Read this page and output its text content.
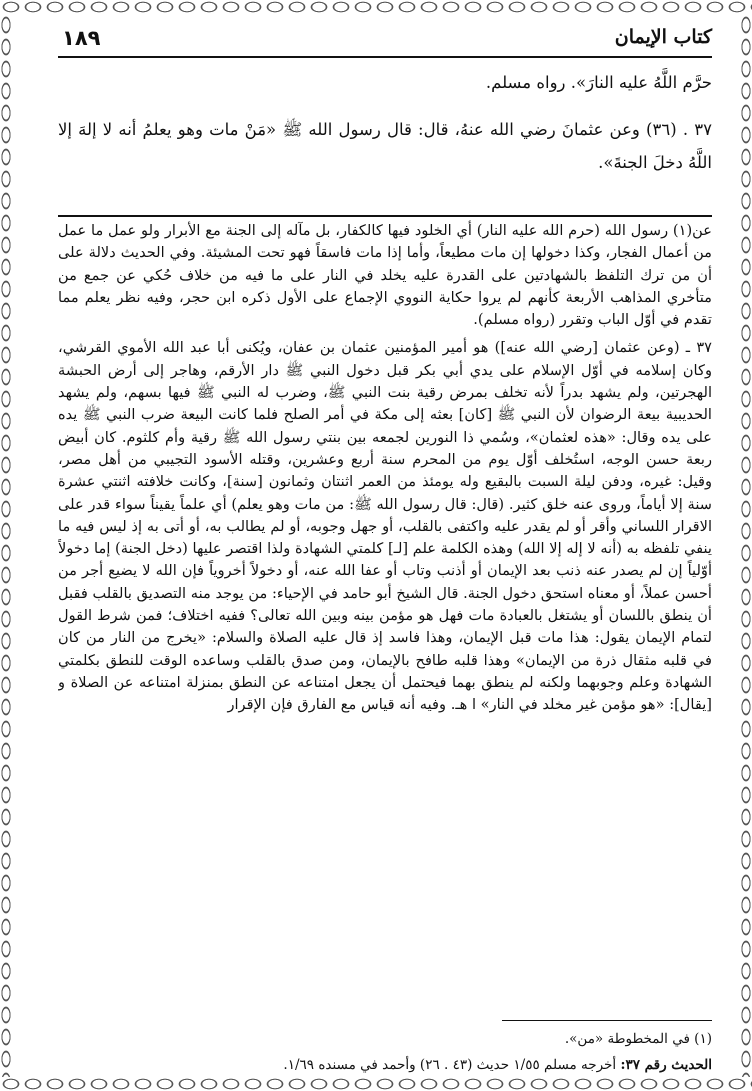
١٨٩	كتاب الإيمان

حرَّم اللَّهُ عليه النارَ». رواه مسلم.

٣٧ . (٣٦) وعن عثمانَ رضي الله عنهُ، قال: قال رسول الله ﷺ «مَنْ مات وهو يعلمُ أنه لا إلهَ إلا اللَّهُ دخلَ الجنةَ».

عن(١) رسول الله (حرم الله عليه النار) أي الخلود فيها كالكفار، بل مآله إلى الجنة مع الأبرار ولو عمل ما عمل من أعمال الفجار، وكذا دخولها إن مات مطيعاً، وأما إذا مات فاسقاً فهو تحت المشيئة. وفي الحديث دلالة على أن من ترك التلفظ بالشهادتين على القدرة عليه يخلد في النار على ما فيه من خلاف حُكي عن جمع من متأخري المذاهب الأربعة كأنهم لم يروا حكاية النووي الإجماع على الأول ذكره ابن حجر، وفيه نظر يعلم مما تقدم في أوّل الباب وتقرر (رواه مسلم).

٣٧ ـ (وعن عثمان [رضي الله عنه]) هو أمير المؤمنين عثمان بن عفان، ويُكنى أبا عبد الله الأموي القرشي، وكان إسلامه في أوّل الإسلام على يدي أبي بكر قبل دخول النبي ﷺ دار الأرقم، وهاجر إلى أرض الحبشة الهجرتين، ولم يشهد بدراً لأنه تخلف بمرض رقية بنت النبي ﷺ، وضرب له النبي ﷺ فيها بسهم، ولم يشهد الحديبية بيعة الرضوان لأن النبي ﷺ [كان] بعثه إلى مكة في أمر الصلح فلما كانت البيعة ضرب النبي ﷺ يده على يده وقال: «هذه لعثمان»، وسُمي ذا النورين لجمعه بين بنتي رسول الله ﷺ رقية وأم كلثوم. كان أبيض ربعة حسن الوجه، استُخلف أوّل يوم من المحرم سنة أربع وعشرين، وقتله الأسود التجيبي من أهل مصر، وقيل: غيره، ودفن ليلة السبت بالبقيع وله يومئذ من العمر اثنتان وثمانون [سنة]، وكانت خلافته اثنتي عشرة سنة إلا أياماً، وروى عنه خلق كثير. (قال: قال رسول الله ﷺ: من مات وهو يعلم) أي علماً يقيناً سواء قدر على الاقرار اللساني وأقر أو لم يقدر عليه واكتفى بالقلب، أو جهل وجوبه، أو لم يطالب به، أو أتى به إذ ليس فيه ما ينفي تلفظه به (أنه لا إله إلا الله) وهذه الكلمة علم [لـ] كلمتي الشهادة ولذا اقتصر عليها (دخل الجنة) إما دخولاً أوّلياً إن لم يصدر عنه ذنب بعد الإيمان أو أذنب وتاب أو عفا الله عنه، أو دخولاً أخروياً فإن الله لا يضيع أجر من أحسن عملاً، أو معناه استحق دخول الجنة. قال الشيخ أبو حامد في الإحياء: من يوجد منه التصديق بالقلب فقبل أن ينطق باللسان أو يشتغل بالعبادة مات فهل هو مؤمن بينه وبين الله تعالى؟ ففيه اختلاف؛ فمن شرط القول لتمام الإيمان يقول: هذا مات قبل الإيمان، وهذا فاسد إذ قال عليه الصلاة والسلام: «يخرج من النار من كان في قلبه مثقال ذرة من الإيمان» وهذا قلبه طافح بالإيمان، ومن صدق بالقلب وساعده الوقت للنطق بكلمتي الشهادة وعلم وجوبهما ولكنه لم ينطق بهما فيحتمل أن يجعل امتناعه عن النطق بمنزلة امتناعه عن الصلاة و [يقال]: «هو مؤمن غير مخلد في النار» ا هـ. وفيه أنه قياس مع الفارق فإن الإقرار

(١) في المخطوطة «من».
الحديث رقم ٣٧: أخرجه مسلم ١/٥٥ حديث (٤٣ . ٢٦) وأحمد في مسنده ١/٦٩.
